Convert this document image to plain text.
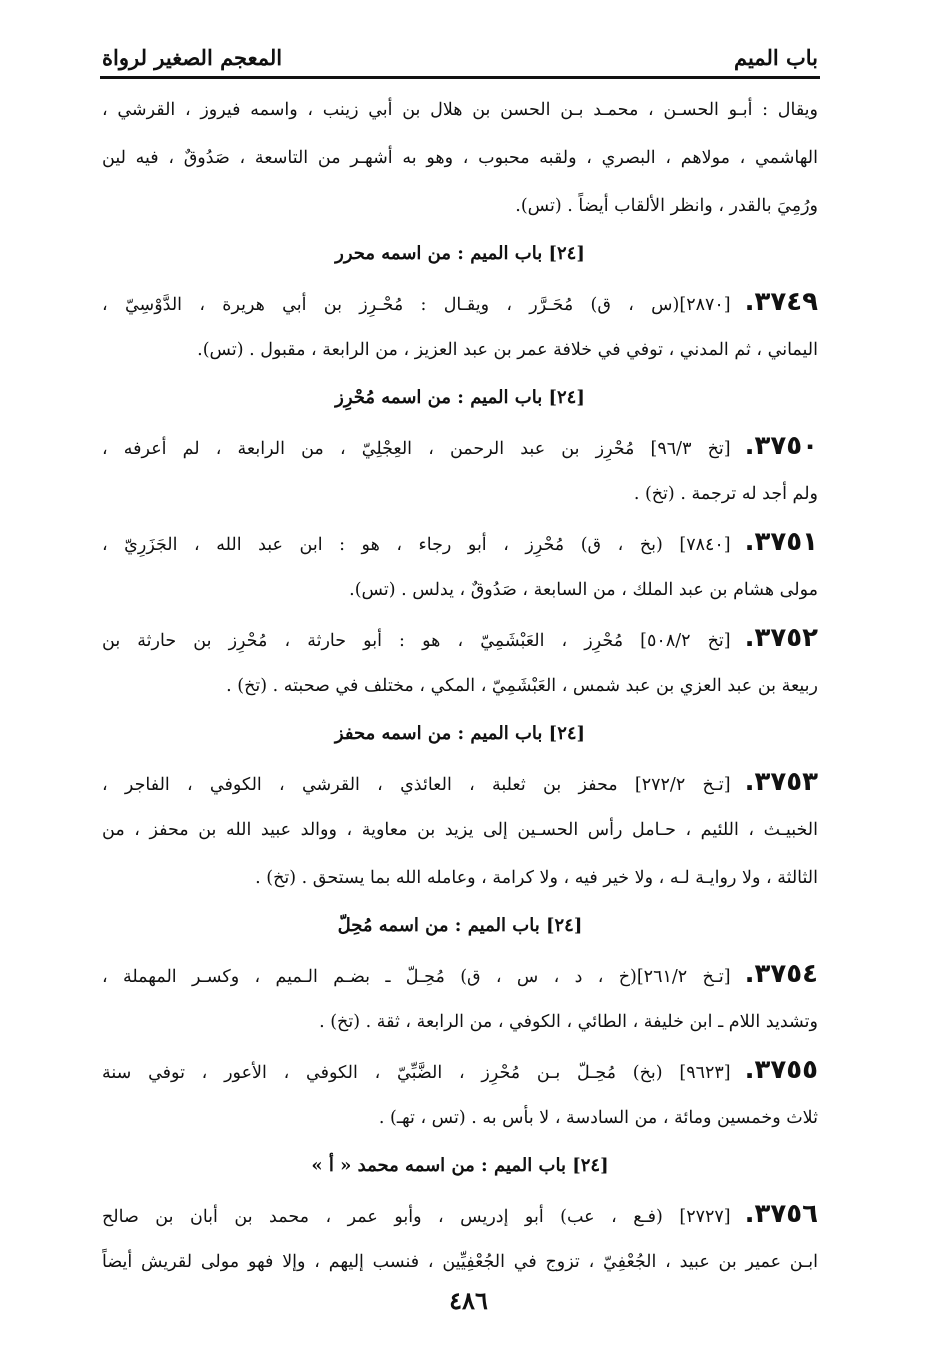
باب الميم
المعجم الصغير لرواة
ويقال : أبـو الحسـن ، محمـد بـن الحسن بن هلال بن أبي زينب ، واسمه فيروز ، القرشي ،
الهاشمي ، مولاهم ، البصري ، ولقبه محبوب ، وهو به أشهـر من التاسعة ، صَدُوقٌ ، فيه لين
ورُمِيَ بالقدر ، وانظر الألقاب أيضاً . (تس).
[٢٤] باب الميم : من اسمه محرر
٣٧٤٩.[٢٨٧٠](س ، ق) مُحَـرَّر ، ويقـال : مُحْـرِز بن أبي هريرة ، الدَّوْسِيّ ،
اليماني ، ثم المدني ، توفي في خلافة عمر بن عبد العزيز ، من الرابعة ، مقبول . (تس).
[٢٤] باب الميم : من اسمه مُحْرِز
٣٧٥٠.[تخ ٩٦/٣] مُحْرِز بن عبد الرحمن ، العِجْلِيّ ، من الرابعة ، لم أعرفه ،
ولم أجد له ترجمة . (تخ) .
٣٧٥١.[٧٨٤٠] (بخ ، ق) مُحْرِز ، أبو رجاء ، هو : ابن عبد الله ، الجَزَرِيّ ،
مولى هشام بن عبد الملك ، من السابعة ، صَدُوقٌ ، يدلس . (تس).
٣٧٥٢.[تخ ٥٠٨/٢] مُحْرِز ، العَبْشَمِيّ ، هو : أبو حارثة ، مُحْرِز بن حارثة بن
ربيعة بن عبد العزي بن عبد شمس ، العَبْشَمِيّ ، المكي ، مختلف في صحبته . (تخ) .
[٢٤] باب الميم : من اسمه محفز
٣٧٥٣.[تـخ ٢٧٢/٢] محفز بن ثعلبة ، العائذي ، القرشي ، الكوفي ، الفاجر ،
الخبيـث ، اللئيم ، حـامل رأس الحسـين إلى يزيد بن معاوية ، ووالد عبيد الله بن محفز ، من
الثالثة ، ولا روايـة لـه ، ولا خير فيه ، ولا كرامة ، وعامله الله بما يستحق . (تخ) .
[٢٤] باب الميم : من اسمه مُحِلّ
٣٧٥٤.[تـخ ٢٦١/٢](خ ، د ، س ، ق) مُحِـلّ ـ بضـم الـميم ، وكسـر المهملة ،
وتشديد اللام ـ ابن خليفة ، الطائي ، الكوفي ، من الرابعة ، ثقة . (تخ) .
٣٧٥٥.[٩٦٢٣] (بخ) مُحِـلّ بـن مُحْرِز ، الضَّبِّيّ ، الكوفي ، الأعور ، توفي سنة
ثلاث وخمسين ومائة ، من السادسة ، لا بأس به . (تس ، تهـ) .
[٢٤] باب الميم : من اسمه محمد « أ »
٣٧٥٦.[٢٧٢٧] (فـع ، عب) أبو إدريس ، وأبو عمر ، محمد بن أبان بن صالح
ابـن عمير بن عبيد ، الجُعْفِيّ ، تزوج في الجُعْفِيِّين ، فنسب إليهم ، وإلا فهو مولى لقريش أيضاً
٤٨٦
